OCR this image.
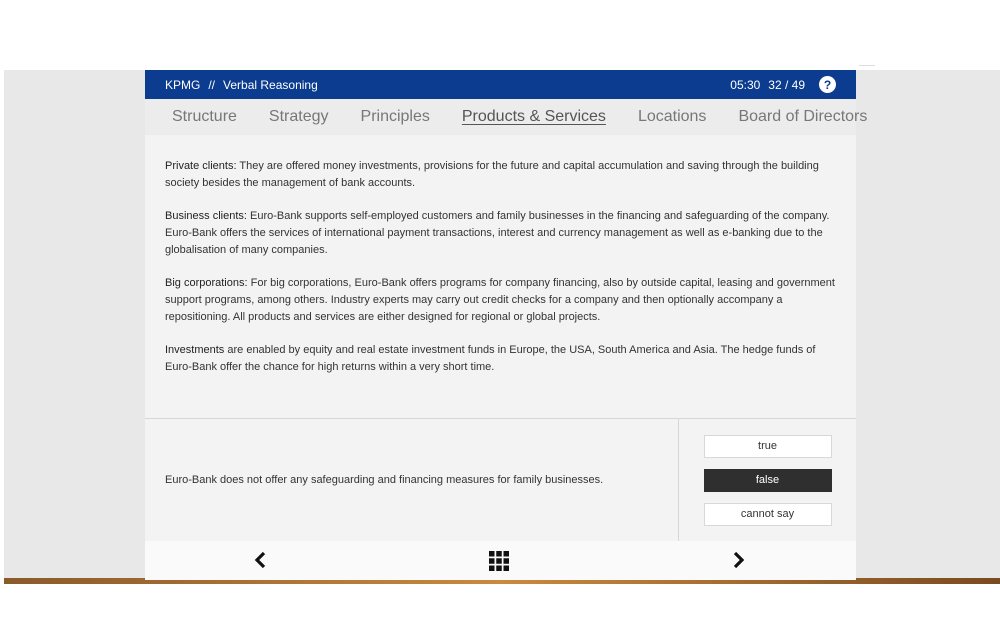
KPMG // Verbal Reasoning	05:30 32 / 49	?
Structure	Strategy	Principles	Products & Services	Locations	Board of Directors

Private clients: They are offered money investments, provisions for the future and capital accumulation and saving through the building society besides the management of bank accounts.

Business clients: Euro-Bank supports self-employed customers and family businesses in the financing and safeguarding of the company. Euro-Bank offers the services of international payment transactions, interest and currency management as well as e-banking due to the globalisation of many companies.

Big corporations: For big corporations, Euro-Bank offers programs for company financing, also by outside capital, leasing and government support programs, among others. Industry experts may carry out credit checks for a company and then optionally accompany a repositioning. All products and services are either designed for regional or global projects.

Investments are enabled by equity and real estate investment funds in Europe, the USA, South America and Asia. The hedge funds of Euro-Bank offer the chance for high returns within a very short time.

Euro-Bank does not offer any safeguarding and financing measures for family businesses.
true
false
cannot say
